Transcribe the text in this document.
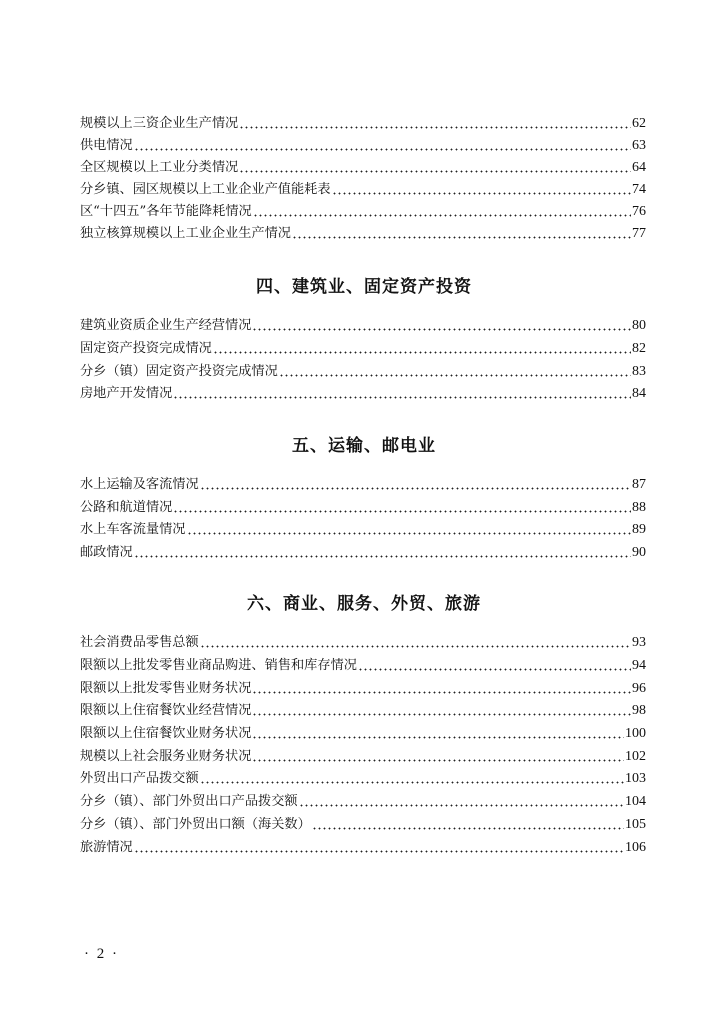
规模以上三资企业生产情况	62
供电情况	63
全区规模以上工业分类情况	64
分乡镇、园区规模以上工业企业产值能耗表	74
区“十四五”各年节能降耗情况	76
独立核算规模以上工业企业生产情况	77
四、建筑业、固定资产投资
建筑业资质企业生产经营情况	80
固定资产投资完成情况	82
分乡（镇）固定资产投资完成情况	83
房地产开发情况	84
五、运输、邮电业
水上运输及客流情况	87
公路和航道情况	88
水上车客流量情况	89
邮政情况	90
六、商业、服务、外贸、旅游
社会消费品零售总额	93
限额以上批发零售业商品购进、销售和库存情况	94
限额以上批发零售业财务状况	96
限额以上住宿餐饮业经营情况	98
限额以上住宿餐饮业财务状况	100
规模以上社会服务业财务状况	102
外贸出口产品拨交额	103
分乡（镇）、部门外贸出口产品拨交额	104
分乡（镇）、部门外贸出口额（海关数）	105
旅游情况	106
· 2 ·
